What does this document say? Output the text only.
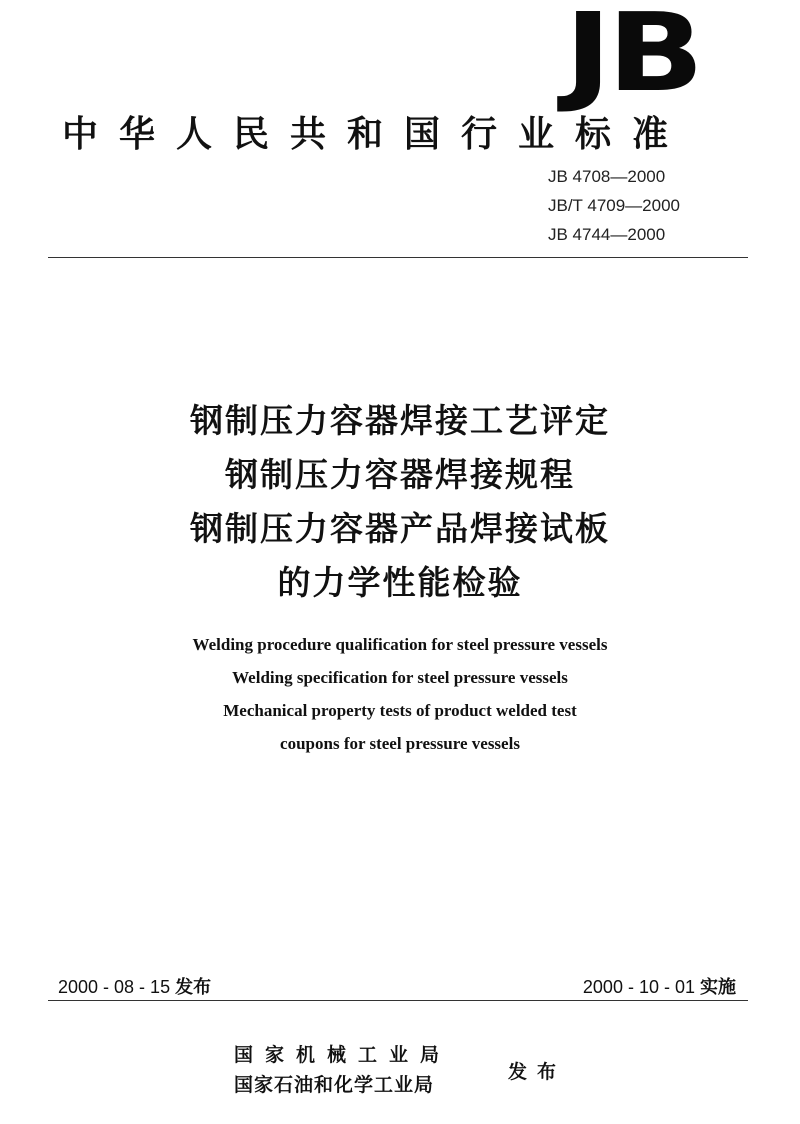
JB
中华人民共和国行业标准
JB 4708—2000
JB/T 4709—2000
JB 4744—2000
钢制压力容器焊接工艺评定
钢制压力容器焊接规程
钢制压力容器产品焊接试板
的力学性能检验
Welding procedure qualification for steel pressure vessels
Welding specification for steel pressure vessels
Mechanical property tests of product welded test
coupons for steel pressure vessels
2000 - 08 - 15 发布	2000 - 10 - 01 实施
国家机械工业局
国家石油和化学工业局
发布
